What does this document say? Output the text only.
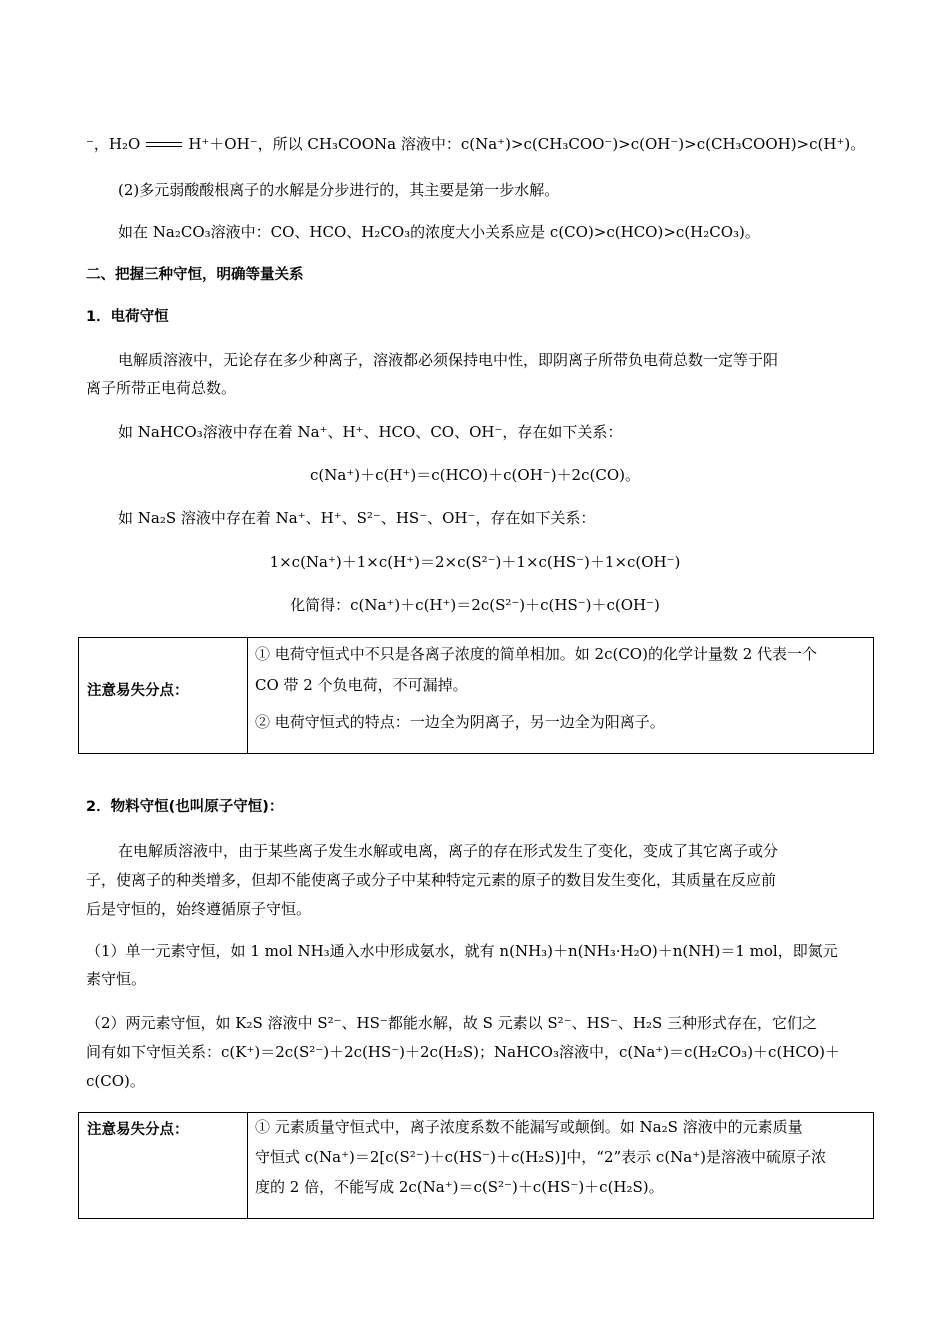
⁻，H₂O	H⁺＋OH⁻，所以 CH₃COONa 溶液中：c(Na⁺)>c(CH₃COO⁻)>c(OH⁻)>c(CH₃COOH)>c(H⁺)。
(2)多元弱酸酸根离子的水解是分步进行的，其主要是第一步水解。
如在 Na₂CO₃溶液中：CO、HCO、H₂CO₃的浓度大小关系应是 c(CO)>c(HCO)>c(H₂CO₃)。
二、把握三种守恒，明确等量关系
1．电荷守恒
电解质溶液中，无论存在多少种离子，溶液都必须保持电中性，即阴离子所带负电荷总数一定等于阳
离子所带正电荷总数。
如 NaHCO₃溶液中存在着 Na⁺、H⁺、HCO、CO、OH⁻，存在如下关系：
c(Na⁺)＋c(H⁺)＝c(HCO)＋c(OH⁻)＋2c(CO)。
如 Na₂S 溶液中存在着 Na⁺、H⁺、S²⁻、HS⁻、OH⁻，存在如下关系：
1×c(Na⁺)＋1×c(H⁺)＝2×c(S²⁻)＋1×c(HS⁻)＋1×c(OH⁻)
化简得：c(Na⁺)＋c(H⁺)＝2c(S²⁻)＋c(HS⁻)＋c(OH⁻)
注意易失分点：
① 电荷守恒式中不只是各离子浓度的简单相加。如 2c(CO)的化学计量数 2 代表一个
CO 带 2 个负电荷，不可漏掉。
② 电荷守恒式的特点：一边全为阴离子，另一边全为阳离子。
2．物料守恒(也叫原子守恒)：
在电解质溶液中，由于某些离子发生水解或电离，离子的存在形式发生了变化，变成了其它离子或分
子，使离子的种类增多，但却不能使离子或分子中某种特定元素的原子的数目发生变化，其质量在反应前
后是守恒的，始终遵循原子守恒。
（1）单一元素守恒，如 1 mol NH₃通入水中形成氨水，就有 n(NH₃)＋n(NH₃·H₂O)＋n(NH)＝1 mol，即氮元
素守恒。
（2）两元素守恒，如 K₂S 溶液中 S²⁻、HS⁻都能水解，故 S 元素以 S²⁻、HS⁻、H₂S 三种形式存在，它们之
间有如下守恒关系：c(K⁺)＝2c(S²⁻)＋2c(HS⁻)＋2c(H₂S)；NaHCO₃溶液中，c(Na⁺)＝c(H₂CO₃)＋c(HCO)＋
c(CO)。
注意易失分点：	① 元素质量守恒式中，离子浓度系数不能漏写或颠倒。如 Na₂S 溶液中的元素质量
守恒式 c(Na⁺)＝2[c(S²⁻)＋c(HS⁻)＋c(H₂S)]中，“2”表示 c(Na⁺)是溶液中硫原子浓
度的 2 倍，不能写成 2c(Na⁺)＝c(S²⁻)＋c(HS⁻)＋c(H₂S)。
